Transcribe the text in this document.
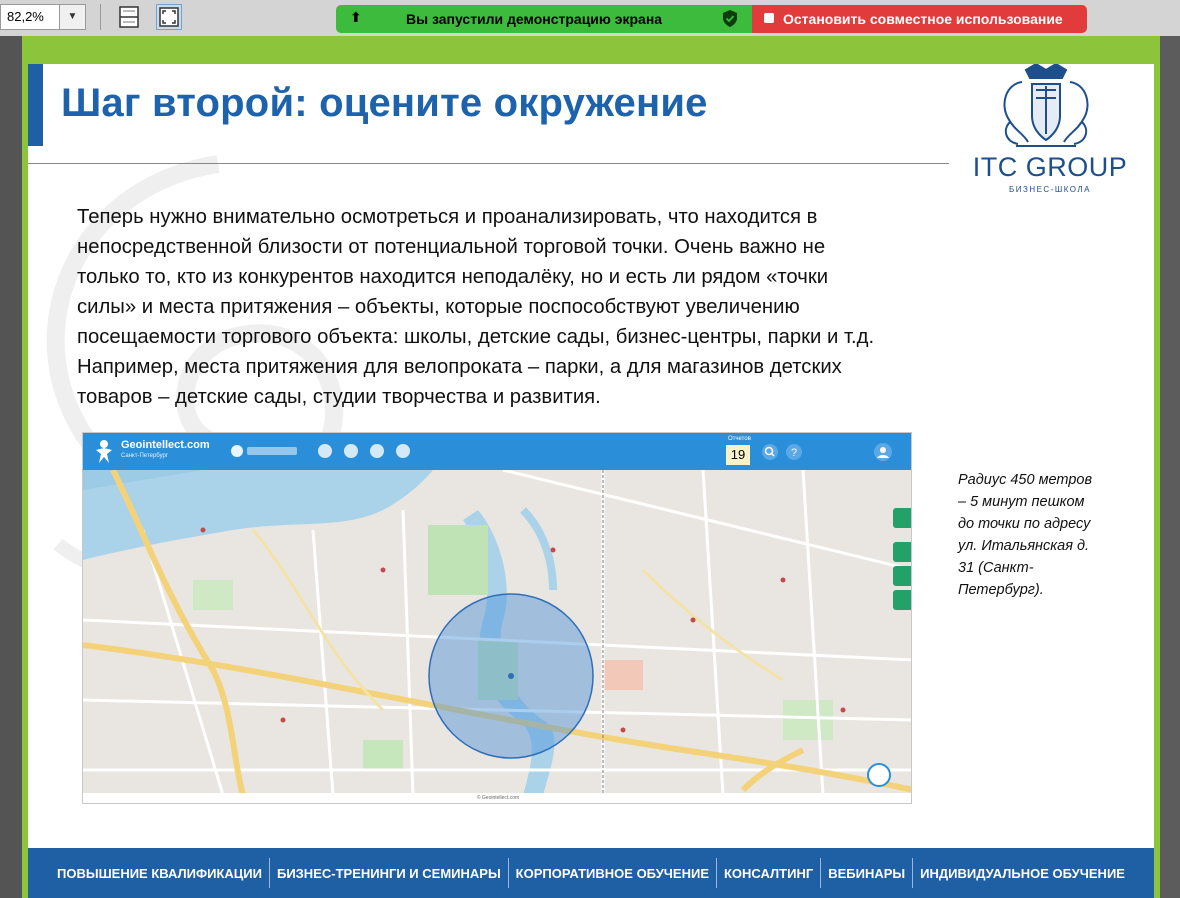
82,2%	▼	⬆	Вы запустили демонстрацию экрана	Остановить совместное использование
Шаг второй: оцените окружение
ITC GROUP
БИЗНЕС-ШКОЛА
Теперь нужно внимательно осмотреться и проанализировать, что находится в
непосредственной близости от потенциальной торговой точки. Очень важно не
только то, кто из конкурентов находится неподалёку, но и есть ли рядом «точки
силы» и места притяжения – объекты, которые поспособствуют увеличению
посещаемости торгового объекта: школы, детские сады, бизнес-центры, парки и т.д.
Например, места притяжения для велопроката – парки, а для магазинов детских
товаров – детские сады, студии творчества и развития.
Geointellect.com
Санкт-Петербург
Отчетов
19	?
© Geointellect.com
Радиус 450 метров
– 5 минут пешком
до точки по адресу
ул. Итальянская д.
31 (Санкт-
Петербург).
ПОВЫШЕНИЕ КВАЛИФИКАЦИИ	БИЗНЕС-ТРЕНИНГИ И СЕМИНАРЫ	КОРПОРАТИВНОЕ ОБУЧЕНИЕ	КОНСАЛТИНГ	ВЕБИНАРЫ	ИНДИВИДУАЛЬНОЕ ОБУЧЕНИЕ
